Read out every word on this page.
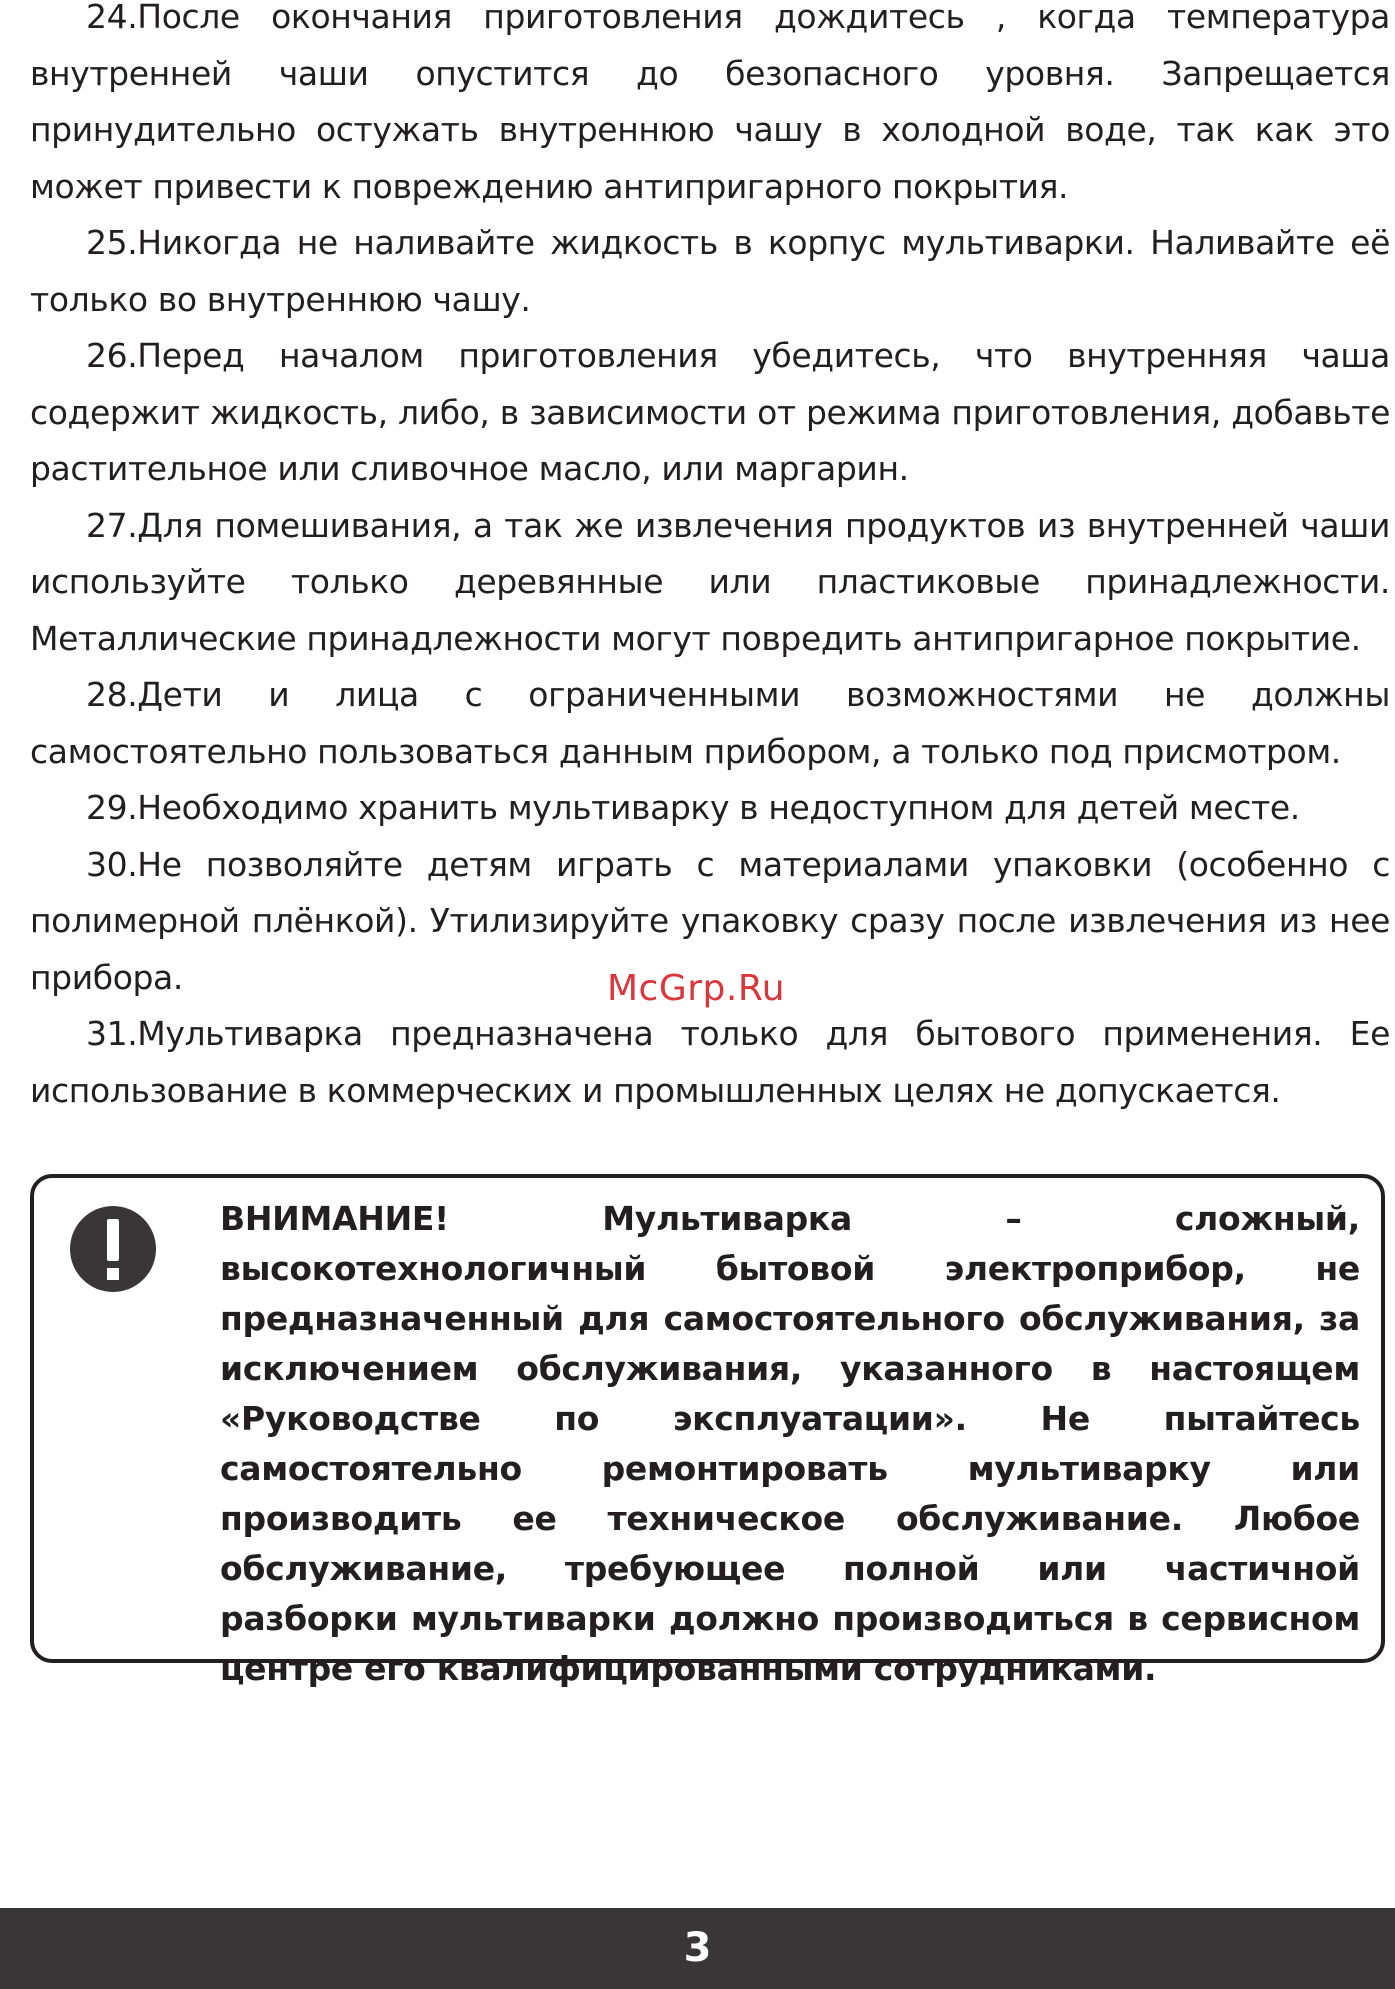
24.После окончания приготовления дождитесь , когда температура внутренней чаши опустится до безопасного уровня. Запрещается принудительно остужать внутреннюю чашу в холодной воде, так как это может привести к повреждению антипригарного покрытия.

25.Никогда не наливайте жидкость в корпус мультиварки. Наливайте её только во внутреннюю чашу.

26.Перед началом приготовления убедитесь, что внутренняя чаша содержит жидкость, либо, в зависимости от режима приготовления, добавьте растительное или сливочное масло, или маргарин.

27.Для помешивания, а так же извлечения продуктов из внутренней чаши используйте только деревянные или пластиковые принадлежности. Металлические принадлежности могут повредить антипригарное покрытие.

28.Дети и лица с ограниченными возможностями не должны самостоятельно пользоваться данным прибором, а только под присмотром.

29.Необходимо хранить мультиварку в недоступном для детей месте.

30.Не позволяйте детям играть с материалами упаковки (особенно с полимерной плёнкой). Утилизируйте упаковку сразу после извлечения из нее прибора.

31.Мультиварка предназначена только для бытового применения. Ее использование в коммерческих и промышленных целях не допускается.

McGrp.Ru

ВНИМАНИЕ! Мультиварка – сложный, высокотехнологичный бытовой электроприбор, не предназначенный для самостоятельного обслуживания, за исключением обслуживания, указанного в настоящем «Руководстве по эксплуатации». Не пытайтесь самостоятельно ремонтировать мультиварку или производить ее техническое обслуживание. Любое обслуживание, требующее полной или частичной разборки мультиварки должно производиться в сервисном центре его квалифицированными сотрудниками.

3
